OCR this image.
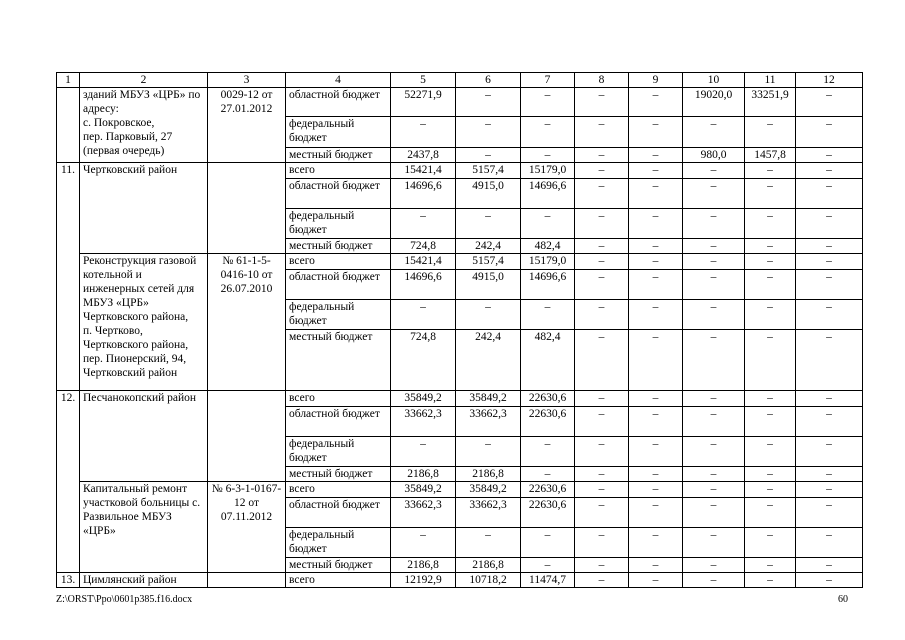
1	2	3	4	5	6	7	8	9	10	11	12
	зданий МБУЗ «ЦРБ» по адресу:
с. Покровское,
пер. Парковый, 27
(первая очередь)	0029-12 от 27.01.2012	областной бюджет	52271,9	–	–	–	–	19020,0	33251,9	–
			федеральный бюджет	–	–	–	–	–	–	–	–
			местный бюджет	2437,8	–	–	–	–	980,0	1457,8	–
11.	Чертковский район		всего	15421,4	5157,4	15179,0	–	–	–	–	–
			областной бюджет	14696,6	4915,0	14696,6	–	–	–	–	–
			федеральный бюджет	–	–	–	–	–	–	–	–
			местный бюджет	724,8	242,4	482,4	–	–	–	–	–
	Реконструкция газовой котельной и инженерных сетей для МБУЗ «ЦРБ» Чертковского района,
п. Чертково,
Чертковского района,
пер. Пионерский, 94,
Чертковский район	№ 61-1-5-0416-10 от 26.07.2010	всего	15421,4	5157,4	15179,0	–	–	–	–	–
			областной бюджет	14696,6	4915,0	14696,6	–	–	–	–	–
			федеральный бюджет	–	–	–	–	–	–	–	–
			местный бюджет	724,8	242,4	482,4	–	–	–	–	–
12.	Песчанокопский район		всего	35849,2	35849,2	22630,6	–	–	–	–	–
			областной бюджет	33662,3	33662,3	22630,6	–	–	–	–	–
			федеральный бюджет	–	–	–	–	–	–	–	–
			местный бюджет	2186,8	2186,8	–	–	–	–	–	–
	Капитальный ремонт участковой больницы с. Развильное МБУЗ «ЦРБ»	№ 6-3-1-0167-12 от 07.11.2012	всего	35849,2	35849,2	22630,6	–	–	–	–	–
			областной бюджет	33662,3	33662,3	22630,6	–	–	–	–	–
			федеральный бюджет	–	–	–	–	–	–	–	–
			местный бюджет	2186,8	2186,8	–	–	–	–	–	–
13.	Цимлянский район		всего	12192,9	10718,2	11474,7	–	–	–	–	–
Z:\ORST\Ppo\0601p385.f16.docx	60
